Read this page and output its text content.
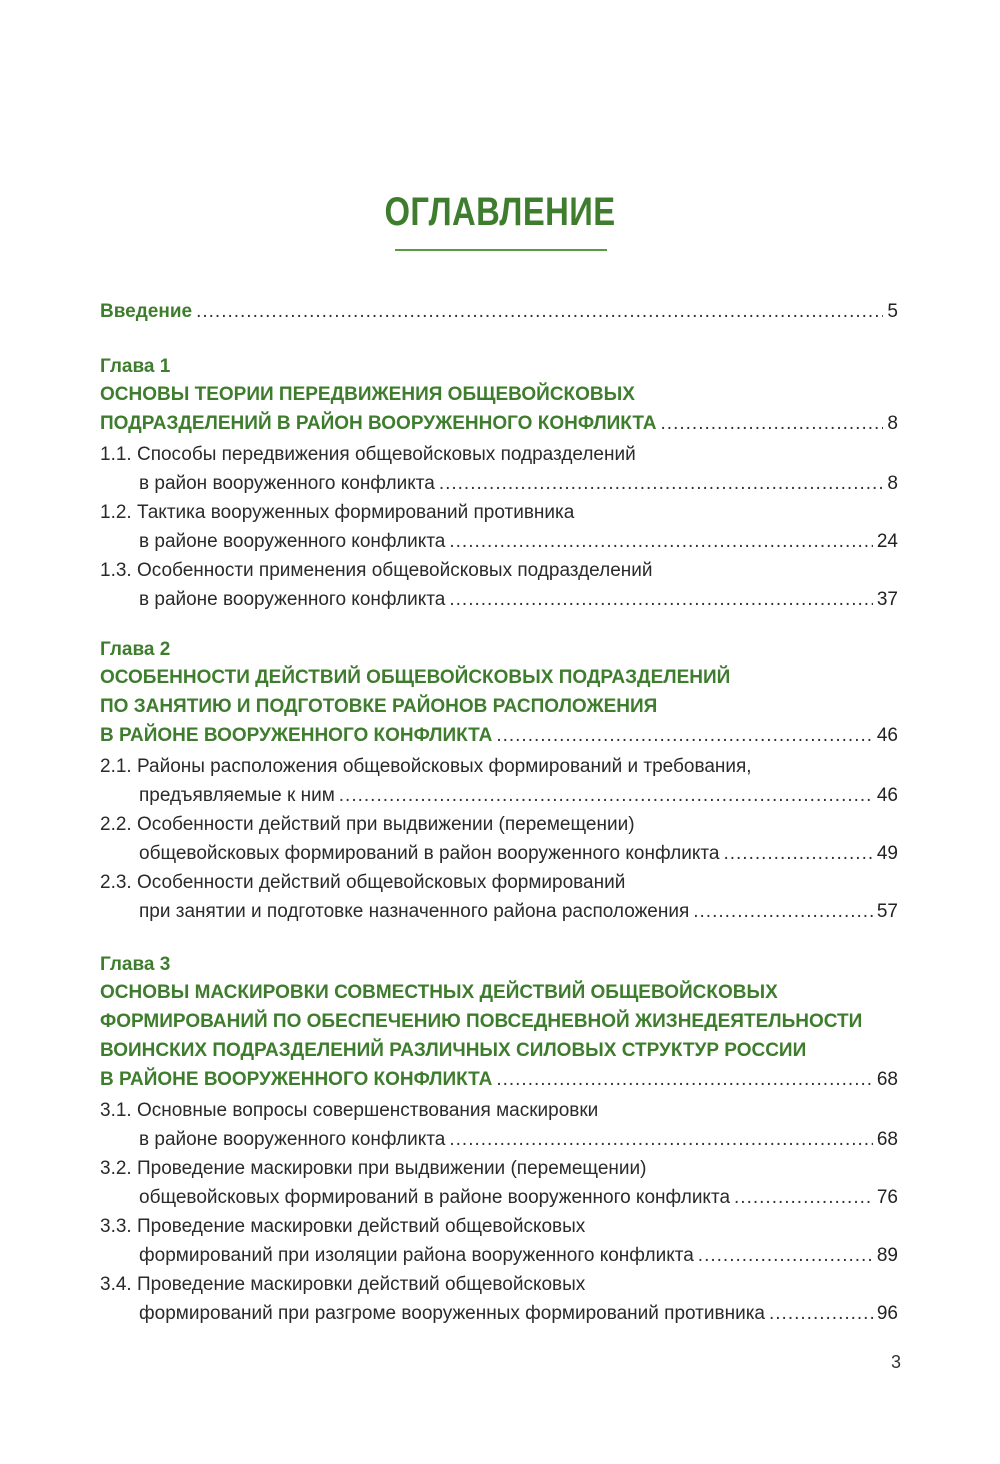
ОГЛАВЛЕНИЕ
Введение .....	5
Глава 1
ОСНОВЫ ТЕОРИИ ПЕРЕДВИЖЕНИЯ ОБЩЕВОЙСКОВЫХ
ПОДРАЗДЕЛЕНИЙ В РАЙОН ВООРУЖЕННОГО КОНФЛИКТА .....	8
1.1. Способы передвижения общевойсковых подразделений
в район вооруженного конфликта .....	8
1.2. Тактика вооруженных формирований противника
в районе вооруженного конфликта .....	24
1.3. Особенности применения общевойсковых подразделений
в районе вооруженного конфликта .....	37
Глава 2
ОСОБЕННОСТИ ДЕЙСТВИЙ ОБЩЕВОЙСКОВЫХ ПОДРАЗДЕЛЕНИЙ
ПО ЗАНЯТИЮ И ПОДГОТОВКЕ РАЙОНОВ РАСПОЛОЖЕНИЯ
В РАЙОНЕ ВООРУЖЕННОГО КОНФЛИКТА .....	46
2.1. Районы расположения общевойсковых формирований и требования,
предъявляемые к ним .....	46
2.2. Особенности действий при выдвижении (перемещении)
общевойсковых формирований в район вооруженного конфликта .....	49
2.3. Особенности действий общевойсковых формирований
при занятии и подготовке назначенного района расположения .....	57
Глава 3
ОСНОВЫ МАСКИРОВКИ СОВМЕСТНЫХ ДЕЙСТВИЙ ОБЩЕВОЙСКОВЫХ
ФОРМИРОВАНИЙ ПО ОБЕСПЕЧЕНИЮ ПОВСЕДНЕВНОЙ ЖИЗНЕДЕЯТЕЛЬНОСТИ
ВОИНСКИХ ПОДРАЗДЕЛЕНИЙ РАЗЛИЧНЫХ СИЛОВЫХ СТРУКТУР РОССИИ
В РАЙОНЕ ВООРУЖЕННОГО КОНФЛИКТА .....	68
3.1. Основные вопросы совершенствования маскировки
в районе вооруженного конфликта .....	68
3.2. Проведение маскировки при выдвижении (перемещении)
общевойсковых формирований в районе вооруженного конфликта .....	76
3.3. Проведение маскировки действий общевойсковых
формирований при изоляции района вооруженного конфликта .....	89
3.4. Проведение маскировки действий общевойсковых
формирований при разгроме вооруженных формирований противника .....	96
3
